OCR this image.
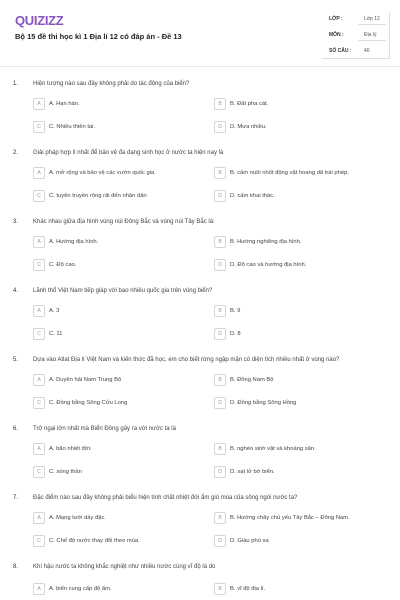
QUIZIZZ
Bộ 15 đề thi học kì 1 Địa lí 12 có đáp án - Đề 13
LỚP :	Lớp 12
MÔN :	Địa lý
SỐ CÂU :	40
1. Hiện tượng nào sau đây không phải do tác động của biển?
A	A. Hạn hán.	B	B. Đất pha cát.
C	C. Nhiều thiên tai.	D	D. Mưa nhiều.
2. Giải pháp hợp lí nhất để bảo vệ đa dạng sinh học ở nước ta hiện nay là
A	A. mở rộng và bảo vệ các vườn quốc gia.	B	B. cấm nuôi nhốt động vật hoang dã trái phép.
C	C. tuyên truyền rộng rãi đến nhân dân	D	D. cấm khai thác.
3. Khác nhau giữa địa hình vùng núi Đông Bắc và vùng núi Tây Bắc là:
A	A. Hướng địa hình.	B	B. Hướng nghiêng địa hình.
C	C. Độ cao.	D	D. Độ cao và hướng địa hình.
4. Lãnh thổ Việt Nam tiếp giáp với bao nhiêu quốc gia trên vùng biển?
A	A. 3	B	B. 9
C	C. 11	D	D. 8
5. Dựa vào Atlat Địa lí Việt Nam và kiến thức đã học, em cho biết rừng ngập mặn có diện tích nhiều nhất ở vùng nào?
A	A. Duyên hải Nam Trung Bộ	B	B. Đông Nam Bộ
C	C. Đồng bằng Sông Cửu Long	D	D. Đồng bằng Sông Hồng
6. Trở ngại lớn nhất mà Biển Đông gây ra với nước ta là
A	A. bão nhiệt đới.	B	B. nghèo sinh vật và khoáng sản.
C	C. sóng thần	D	D. sạt lở bờ biển.
7. Đặc điểm nào sau đây không phải biểu hiện tính chất nhiệt đới ẩm gió mùa của sông ngòi nước ta?
A	A. Mạng lưới dày đặc.	B	B. Hướng chảy chủ yếu Tây Bắc – Đông Nam.
C	C. Chế độ nước thay đổi theo mùa.	D	D. Giàu phù sa
8. Khí hậu nước ta không khắc nghiệt như nhiều nước cùng vĩ độ là do
A	A. biển cung cấp độ ẩm.	B	B. vĩ độ địa lí.
